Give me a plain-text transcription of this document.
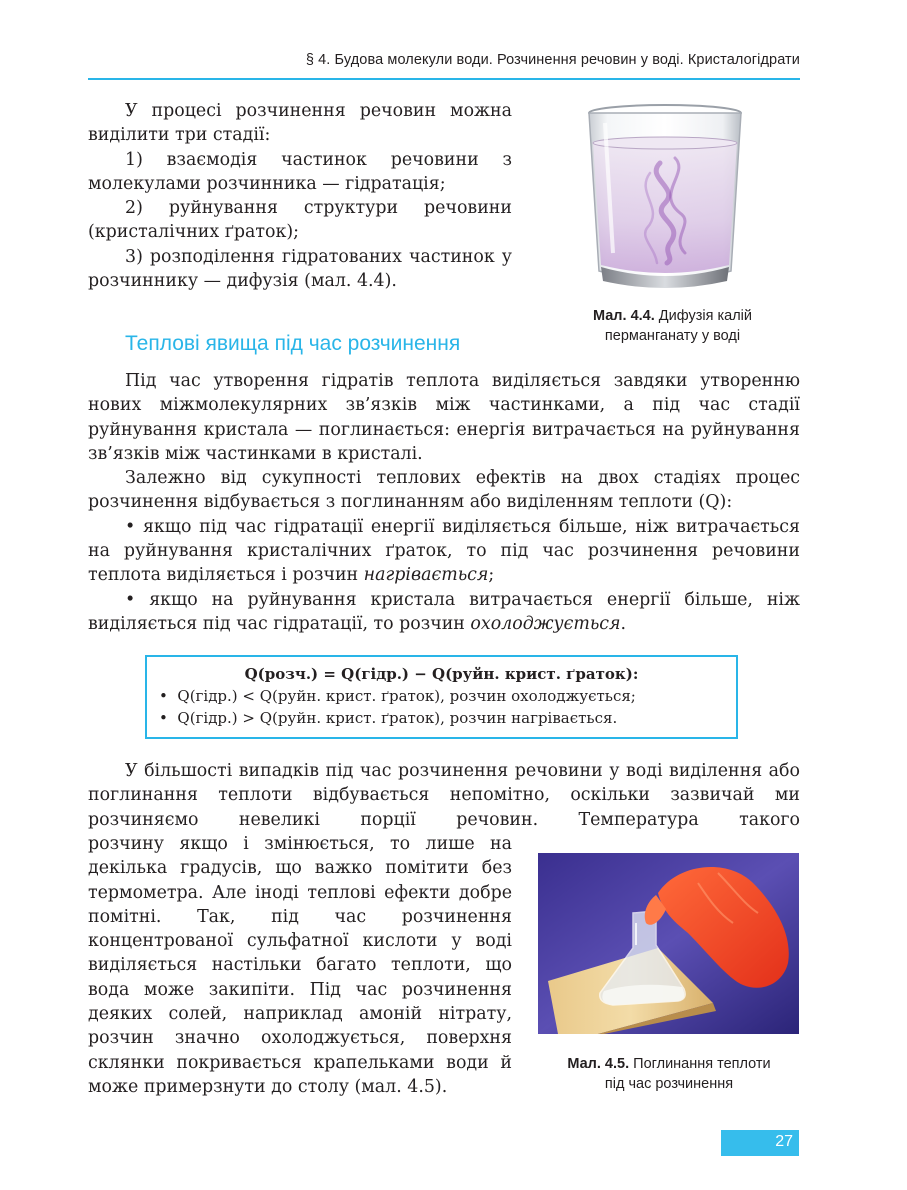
§ 4. Будова молекули води. Розчинення речовин у воді. Кристалогідрати

У процесі розчинення речовин можна виділити три стадії:

1) взаємодія частинок речовини з молекулами розчинника — гідратація;

2) руйнування структури речовини (кристалічних ґраток);

3) розподілення гідратованих частинок у розчиннику — дифузія (мал. 4.4).

Мал. 4.4. Дифузія калій
перманганату у воді
Теплові явища під час розчинення

Під час утворення гідратів теплота виділяється завдяки утворенню нових міжмолекулярних зв’язків між частинками, а під час стадії руйнування кристала — поглинається: енергія витрачається на руйнування зв’язків між частинками в кристалі.

Залежно від сукупності теплових ефектів на двох стадіях процес розчинення відбувається з поглинанням або виділенням теплоти (Q):

• якщо під час гідратації енергії виділяється більше, ніж витрачається на руйнування кристалічних ґраток, то під час розчинення речовини теплота виділяється і розчин нагрівається;

• якщо на руйнування кристала витрачається енергії більше, ніж виділяється під час гідратації, то розчин охолоджується.

Q(розч.) = Q(гідр.) − Q(руйн. крист. ґраток):
•  Q(гідр.) < Q(руйн. крист. ґраток), розчин охолоджується;
•  Q(гідр.) > Q(руйн. крист. ґраток), розчин нагрівається.

У більшості випадків під час розчинення речовини у воді виділення або поглинання теплоти відбувається непомітно, оскільки зазвичай ми розчиняємо невеликі порції речовин. Температура такого

розчину якщо і змінюється, то лише на декілька градусів, що важко помітити без термометра. Але іноді теплові ефекти добре помітні. Так, під час розчинення концентрованої сульфатної кислоти у воді виділяється настільки багато теплоти, що вода може закипіти. Під час розчинення деяких солей, наприклад амоній нітрату, розчин значно охолоджується, поверхня склянки покривається крапельками води й може примерзнути до столу (мал. 4.5).

Мал. 4.5. Поглинання теплоти
під час розчинення
27
